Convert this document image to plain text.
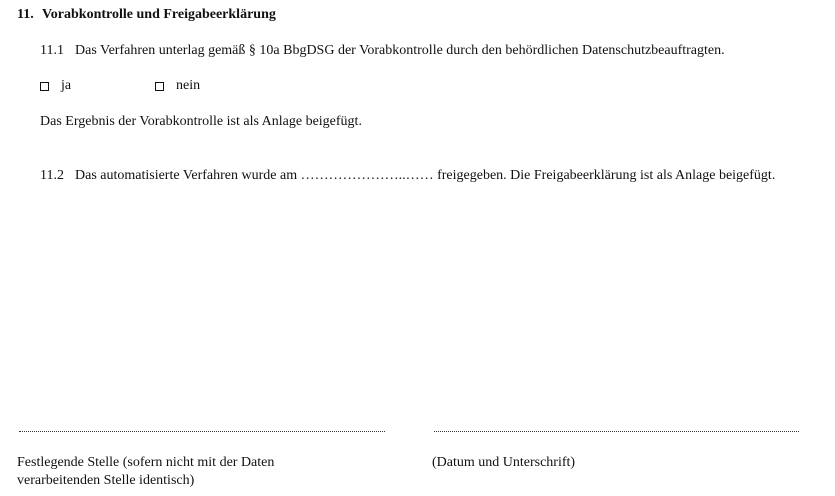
11. Vorabkontrolle und Freigabeerklärung
11.1 Das Verfahren unterlag gemäß § 10a BbgDSG der Vorabkontrolle durch den behördlichen Datenschutzbeauftragten.
ja	nein
Das Ergebnis der Vorabkontrolle ist als Anlage beigefügt.
11.2 Das automatisierte Verfahren wurde am …………………..…… freigegeben. Die Freigabeerklärung ist als Anlage beigefügt.
Festlegende Stelle (sofern nicht mit der Daten
verarbeitenden Stelle identisch)
(Datum und Unterschrift)
